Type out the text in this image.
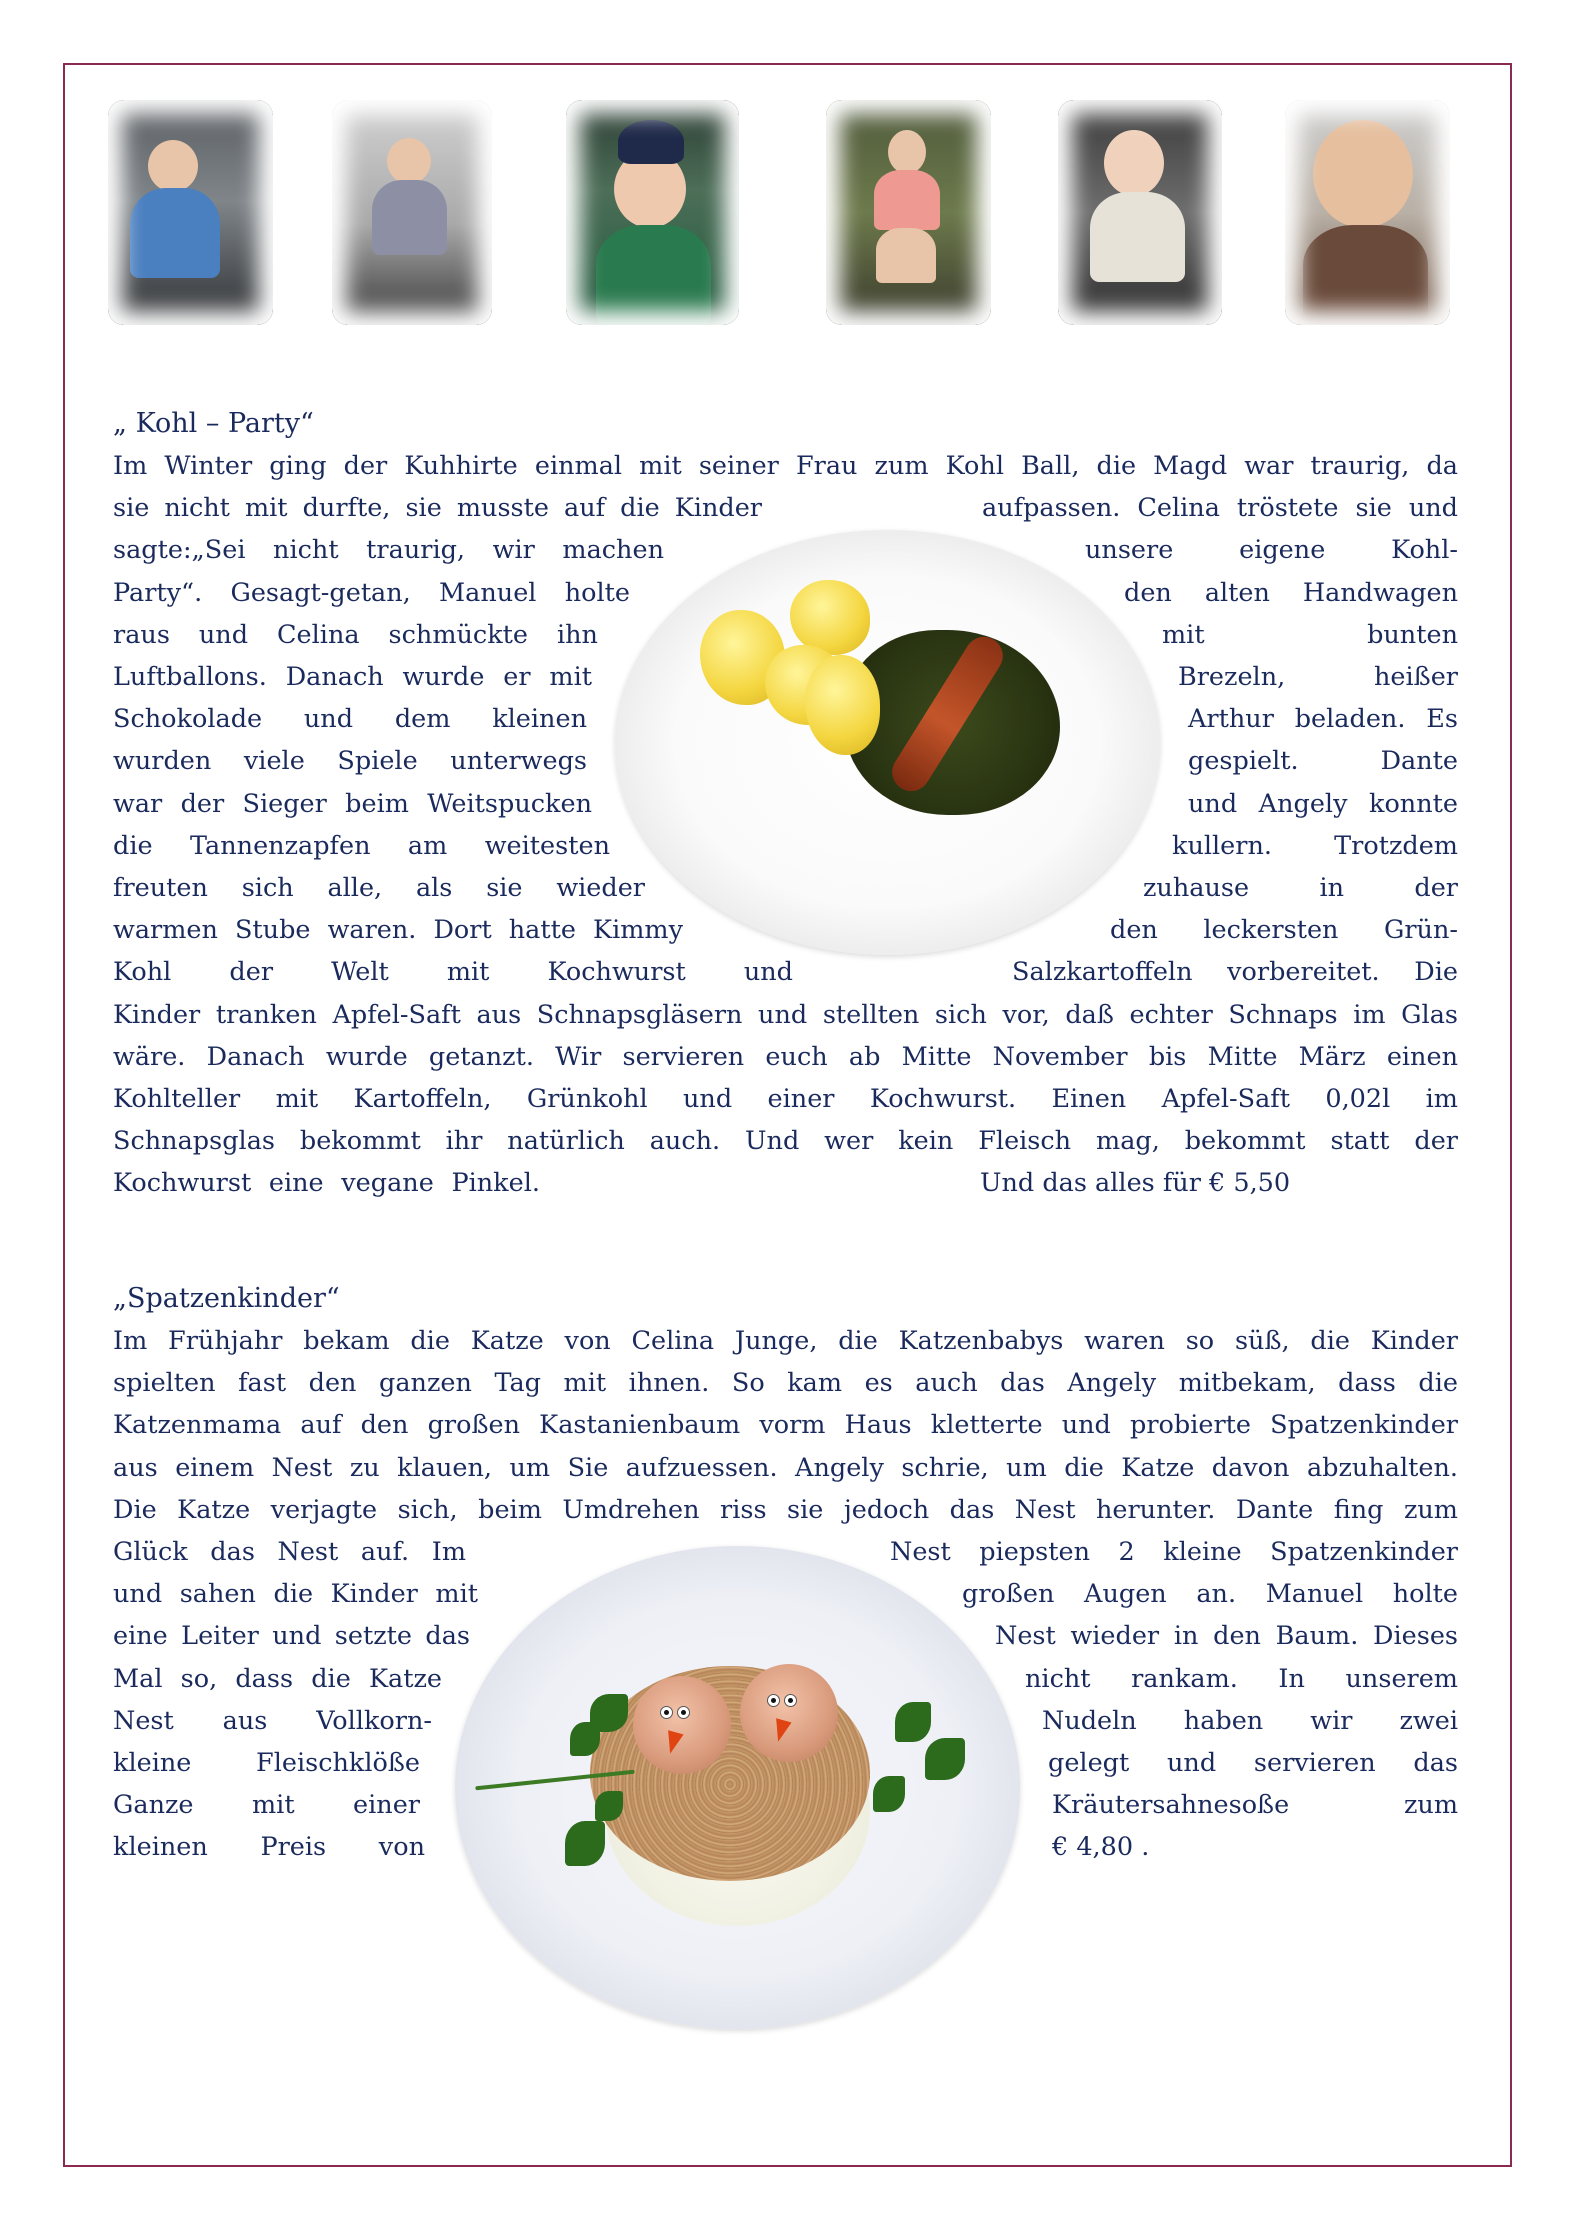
„ Kohl – Party“
Im Winter ging der Kuhhirte einmal mit seiner Frau zum Kohl Ball, die Magd war traurig, da
sie nicht mit durfte, sie musste auf die Kinder	aufpassen. Celina tröstete sie und
sagte:„Sei nicht traurig, wir machen	unsere eigene Kohl-
Party“. Gesagt-getan, Manuel holte	den alten Handwagen
raus und Celina schmückte ihn	mit bunten
Luftballons. Danach wurde er mit	Brezeln, heißer
Schokolade und dem kleinen	Arthur beladen. Es
wurden viele Spiele unterwegs	gespielt. Dante
war der Sieger beim Weitspucken	und Angely konnte
die Tannenzapfen am weitesten	kullern. Trotzdem
freuten sich alle, als sie wieder	zuhause in der
warmen Stube waren. Dort hatte Kimmy	den leckersten Grün-
Kohl der Welt mit Kochwurst und	Salzkartoffeln vorbereitet. Die
Kinder tranken Apfel-Saft aus Schnapsgläsern und stellten sich vor, daß echter Schnaps im Glas
wäre. Danach wurde getanzt. Wir servieren euch ab Mitte November bis Mitte März einen
Kohlteller mit Kartoffeln, Grünkohl und einer Kochwurst. Einen Apfel-Saft 0,02l im
Schnapsglas bekommt ihr natürlich auch. Und wer kein Fleisch mag, bekommt statt der
Kochwurst eine vegane Pinkel.	Und das alles für € 5,50
„Spatzenkinder“
Im Frühjahr bekam die Katze von Celina Junge, die Katzenbabys waren so süß, die Kinder
spielten fast den ganzen Tag mit ihnen. So kam es auch das Angely mitbekam, dass die
Katzenmama auf den großen Kastanienbaum vorm Haus kletterte und probierte Spatzenkinder
aus einem Nest zu klauen, um Sie aufzuessen. Angely schrie, um die Katze davon abzuhalten.
Die Katze verjagte sich, beim Umdrehen riss sie jedoch das Nest herunter. Dante fing zum
Glück das Nest auf. Im	Nest piepsten 2 kleine Spatzenkinder
und sahen die Kinder mit	großen Augen an. Manuel holte
eine Leiter und setzte das	Nest wieder in den Baum. Dieses
Mal so, dass die Katze	nicht rankam. In unserem
Nest aus Vollkorn-	Nudeln haben wir zwei
kleine Fleischklöße	gelegt und servieren das
Ganze mit einer	Kräutersahnesoße zum
kleinen Preis von	€ 4,80 .
